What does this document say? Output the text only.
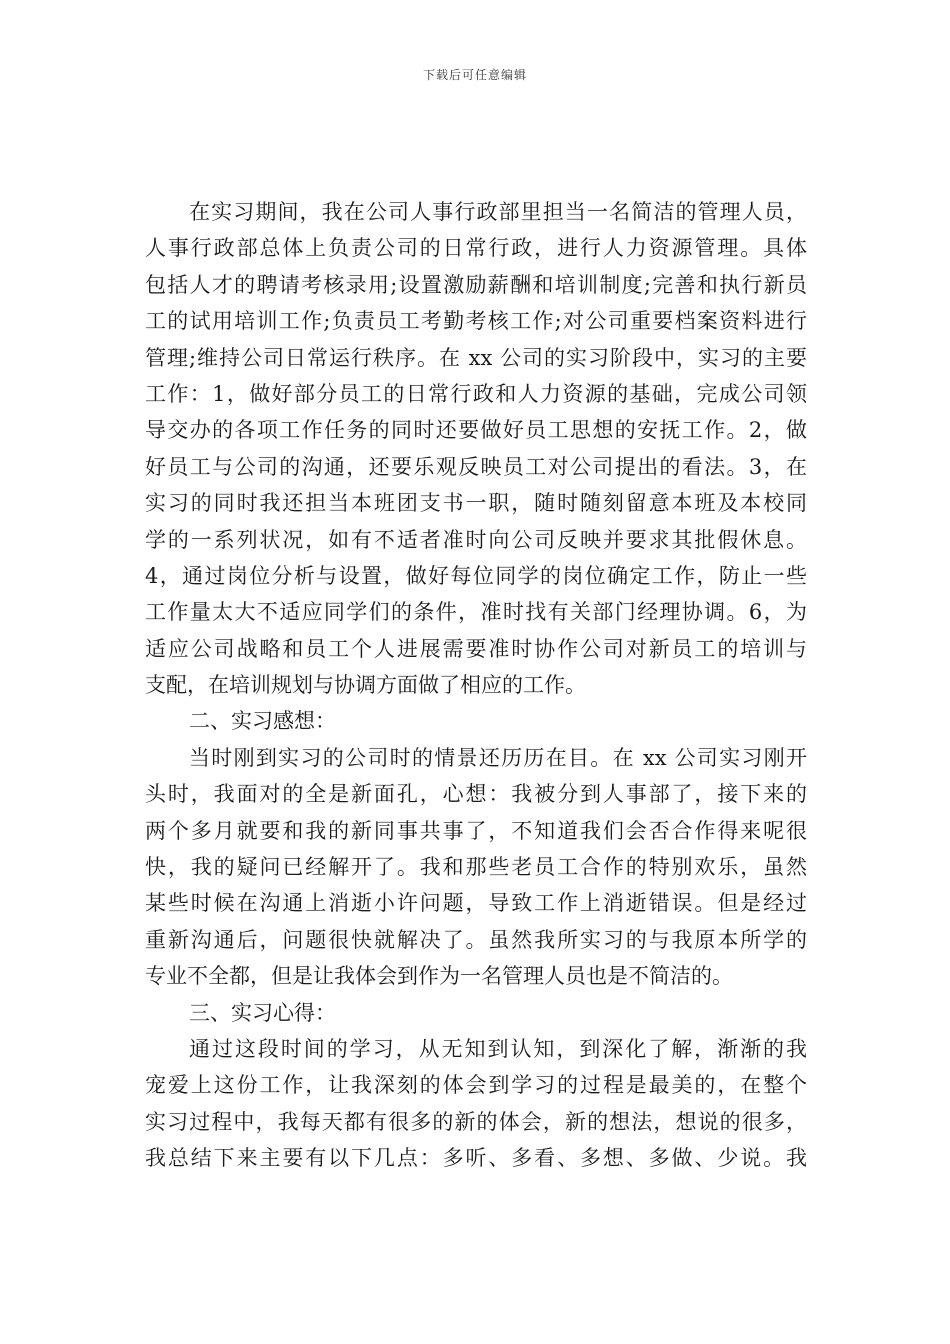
下载后可任意编辑
在实习期间，我在公司人事行政部里担当一名简洁的管理人员，
人事行政部总体上负责公司的日常行政，进行人力资源管理。具体
包括人才的聘请考核录用;设置激励薪酬和培训制度;完善和执行新员
工的试用培训工作;负责员工考勤考核工作;对公司重要档案资料进行
管理;维持公司日常运行秩序。在 xx 公司的实习阶段中，实习的主要
工作：1，做好部分员工的日常行政和人力资源的基础，完成公司领
导交办的各项工作任务的同时还要做好员工思想的安抚工作。2，做
好员工与公司的沟通，还要乐观反映员工对公司提出的看法。3，在
实习的同时我还担当本班团支书一职，随时随刻留意本班及本校同
学的一系列状况，如有不适者准时向公司反映并要求其批假休息。
4，通过岗位分析与设置，做好每位同学的岗位确定工作，防止一些
工作量太大不适应同学们的条件，准时找有关部门经理协调。6，为
适应公司战略和员工个人进展需要准时协作公司对新员工的培训与
支配，在培训规划与协调方面做了相应的工作。
二、实习感想：
当时刚到实习的公司时的情景还历历在目。在 xx 公司实习刚开
头时，我面对的全是新面孔，心想：我被分到人事部了，接下来的
两个多月就要和我的新同事共事了，不知道我们会否合作得来呢很
快，我的疑问已经解开了。我和那些老员工合作的特别欢乐，虽然
某些时候在沟通上消逝小许问题，导致工作上消逝错误。但是经过
重新沟通后，问题很快就解决了。虽然我所实习的与我原本所学的
专业不全都，但是让我体会到作为一名管理人员也是不简洁的。
三、实习心得：
通过这段时间的学习，从无知到认知，到深化了解，渐渐的我
宠爱上这份工作，让我深刻的体会到学习的过程是最美的，在整个
实习过程中，我每天都有很多的新的体会，新的想法，想说的很多，
我总结下来主要有以下几点：多听、多看、多想、多做、少说。我
